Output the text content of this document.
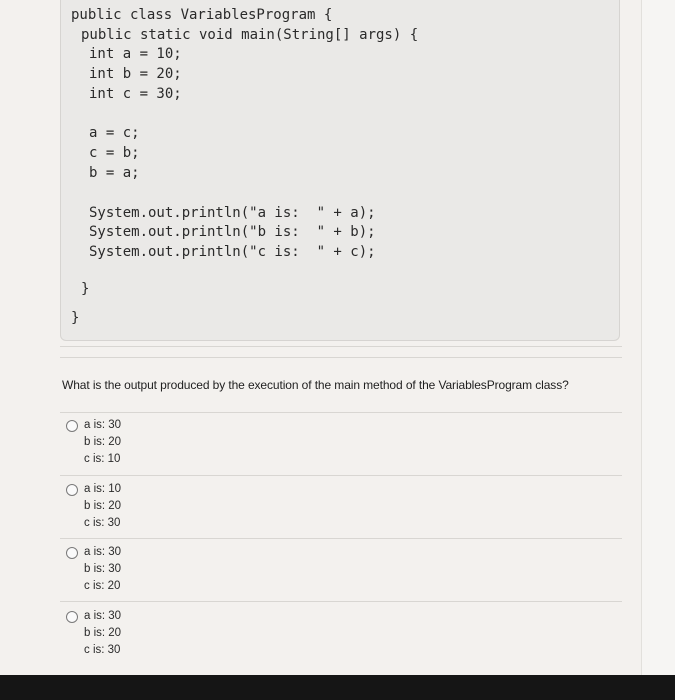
public class VariablesProgram {
public static void main(String[] args) {
int a = 10;
int b = 20;
int c = 30;
a = c;
c = b;
b = a;
System.out.println("a is:  " + a);
System.out.println("b is:  " + b);
System.out.println("c is:  " + c);
}
}
What is the output produced by the execution of the main method of the VariablesProgram class?
a is: 30
b is: 20
c is: 10
a is: 10
b is: 20
c is: 30
a is: 30
b is: 30
c is: 20
a is: 30
b is: 20
c is: 30
